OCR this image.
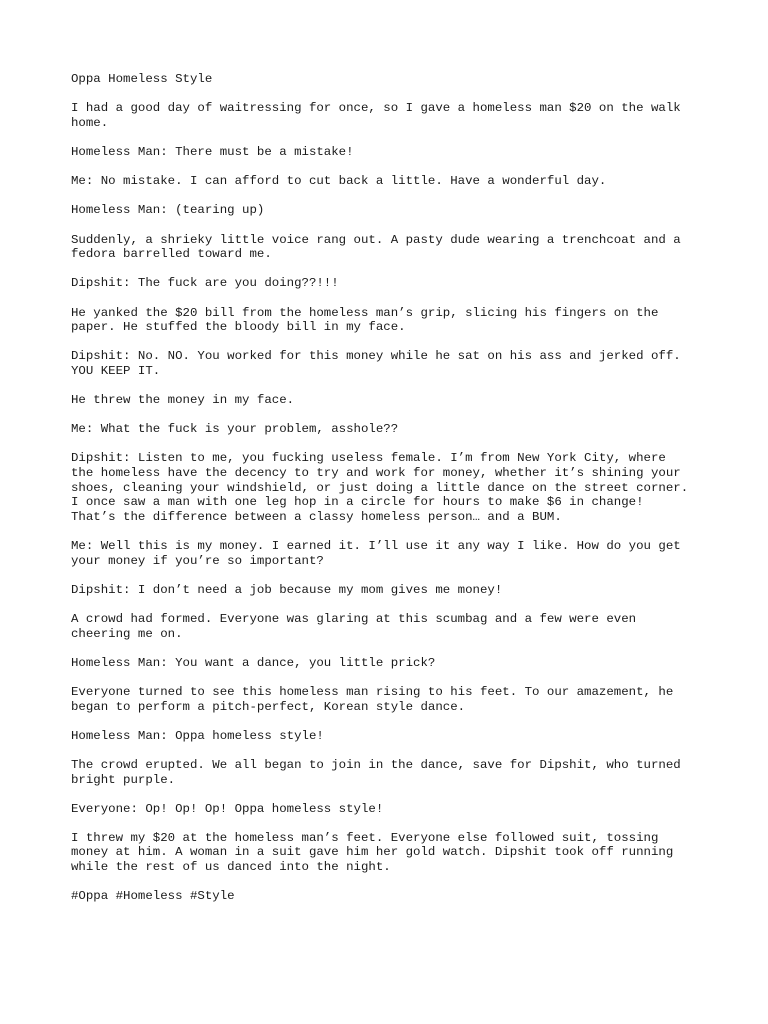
Oppa Homeless Style

I had a good day of waitressing for once, so I gave a homeless man $20 on the walk
home.

Homeless Man: There must be a mistake!

Me: No mistake. I can afford to cut back a little. Have a wonderful day.

Homeless Man: (tearing up)

Suddenly, a shrieky little voice rang out. A pasty dude wearing a trenchcoat and a
fedora barrelled toward me.

Dipshit: The fuck are you doing??!!!

He yanked the $20 bill from the homeless man’s grip, slicing his fingers on the
paper. He stuffed the bloody bill in my face.

Dipshit: No. NO. You worked for this money while he sat on his ass and jerked off.
YOU KEEP IT.

He threw the money in my face.

Me: What the fuck is your problem, asshole??

Dipshit: Listen to me, you fucking useless female. I’m from New York City, where
the homeless have the decency to try and work for money, whether it’s shining your
shoes, cleaning your windshield, or just doing a little dance on the street corner.
I once saw a man with one leg hop in a circle for hours to make $6 in change!
That’s the difference between a classy homeless person… and a BUM.

Me: Well this is my money. I earned it. I’ll use it any way I like. How do you get
your money if you’re so important?

Dipshit: I don’t need a job because my mom gives me money!

A crowd had formed. Everyone was glaring at this scumbag and a few were even
cheering me on.

Homeless Man: You want a dance, you little prick?

Everyone turned to see this homeless man rising to his feet. To our amazement, he
began to perform a pitch-perfect, Korean style dance.

Homeless Man: Oppa homeless style!

The crowd erupted. We all began to join in the dance, save for Dipshit, who turned
bright purple.

Everyone: Op! Op! Op! Oppa homeless style!

I threw my $20 at the homeless man’s feet. Everyone else followed suit, tossing
money at him. A woman in a suit gave him her gold watch. Dipshit took off running
while the rest of us danced into the night.

#Oppa #Homeless #Style
